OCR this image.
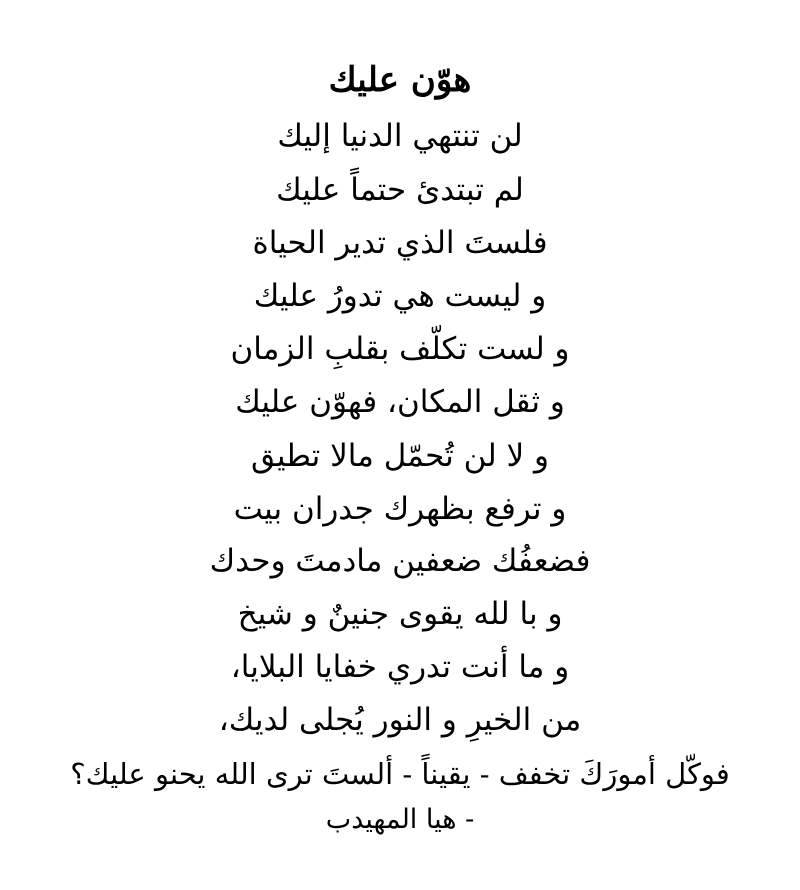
هوّن عليك
لن تنتهي الدنيا إليك
لم تبتدئ حتماً عليك
فلستَ الذي تدير الحياة
و ليست هي تدورُ عليك
و لست تكلّف بقلبِ الزمان
و ثقل المكان، فهوّن عليك
و لا لن تُحمّل مالا تطيق
و ترفع بظهرك جدران بيت
فضعفُك ضعفين مادمتَ وحدك
و با لله يقوى جنينٌ و شيخ
و ما أنت تدري خفايا البلايا،
من الخيرِ و النور يُجلى لديك،
فوكّل أمورَكَ تخفف - يقيناً - ألستَ ترى الله يحنو عليك؟
- هيا المهيدب
